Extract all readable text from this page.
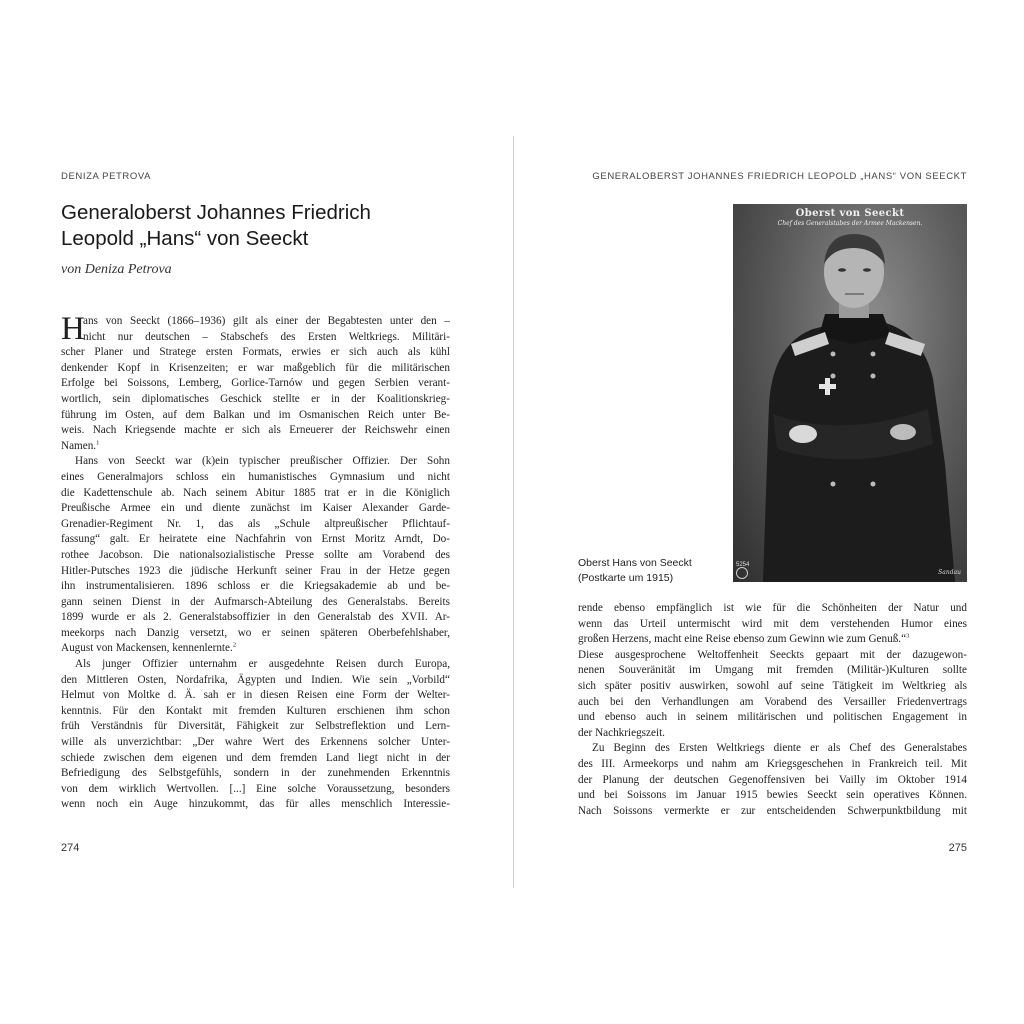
DENIZA PETROVA
Generaloberst Johannes Friedrich
Leopold „Hans“ von Seeckt
von Deniza Petrova
H
ans von Seeckt (1866–1936) gilt als einer der Begabtesten unter den –
nicht nur deutschen – Stabschefs des Ersten Weltkriegs. Militäri-
scher Planer und Stratege ersten Formats, erwies er sich auch als kühl
denkender Kopf in Krisenzeiten; er war maßgeblich für die militärischen
Erfolge bei Soissons, Lemberg, Gorlice-Tarnów und gegen Serbien verant-
wortlich, sein diplomatisches Geschick stellte er in der Koalitionskrieg-
führung im Osten, auf dem Balkan und im Osmanischen Reich unter Be-
weis. Nach Kriegsende machte er sich als Erneuerer der Reichswehr einen
Namen.$^1$
Hans von Seeckt war (k)ein typischer preußischer Offizier. Der Sohn
eines Generalmajors schloss ein humanistisches Gymnasium und nicht
die Kadettenschule ab. Nach seinem Abitur 1885 trat er in die Königlich
Preußische Armee ein und diente zunächst im Kaiser Alexander Garde-
Grenadier-Regiment Nr. 1, das als „Schule altpreußischer Pflichtauf-
fassung“ galt. Er heiratete eine Nachfahrin von Ernst Moritz Arndt, Do-
rothee Jacobson. Die nationalsozialistische Presse sollte am Vorabend des
Hitler-Putsches 1923 die jüdische Herkunft seiner Frau in der Hetze gegen
ihn instrumentalisieren. 1896 schloss er die Kriegsakademie ab und be-
gann seinen Dienst in der Aufmarsch-Abteilung des Generalstabs. Bereits
1899 wurde er als 2. Generalstabsoffizier in den Generalstab des XVII. Ar-
meekorps nach Danzig versetzt, wo er seinen späteren Oberbefehlshaber,
August von Mackensen, kennenlernte.$^2$
Als junger Offizier unternahm er ausgedehnte Reisen durch Europa,
den Mittleren Osten, Nordafrika, Ägypten und Indien. Wie sein „Vorbild“
Helmut von Moltke d. Ä. sah er in diesen Reisen eine Form der Welter-
kenntnis. Für den Kontakt mit fremden Kulturen erschienen ihm schon
früh Verständnis für Diversität, Fähigkeit zur Selbstreflektion und Lern-
wille als unverzichtbar: „Der wahre Wert des Erkennens solcher Unter-
schiede zwischen dem eigenen und dem fremden Land liegt nicht in der
Befriedigung des Selbstgefühls, sondern in der zunehmenden Erkenntnis
von dem wirklich Wertvollen. [...] Eine solche Voraussetzung, besonders
wenn noch ein Auge hinzukommt, das für alles menschlich Interessie-
274
GENERALOBERST JOHANNES FRIEDRICH LEOPOLD „HANS“ VON SEECKT
rende ebenso empfänglich ist wie für die Schönheiten der Natur und
wenn das Urteil untermischt wird mit dem verstehenden Humor eines
großen Herzens, macht eine Reise ebenso zum Gewinn wie zum Genuß.“$^3$
Diese ausgesprochene Weltoffenheit Seeckts gepaart mit der dazugewon-
nenen Souveränität im Umgang mit fremden (Militär-)Kulturen sollte
sich später positiv auswirken, sowohl auf seine Tätigkeit im Weltkrieg als
auch bei den Verhandlungen am Vorabend des Versailler Friedenvertrags
und ebenso auch in seinem militärischen und politischen Engagement in
der Nachkriegszeit.
Zu Beginn des Ersten Weltkriegs diente er als Chef des Generalstabes
des III. Armeekorps und nahm am Kriegsgeschehen in Frankreich teil. Mit
der Planung der deutschen Gegenoffensiven bei Vailly im Oktober 1914
und bei Soissons im Januar 1915 bewies Seeckt sein operatives Können.
Nach Soissons vermerkte er zur entscheidenden Schwerpunktbildung mit
275
Oberst von Seeckt
Chef des Generalstabes der Armee Mackensen.
5254
Sandau
Oberst Hans von Seeckt
(Postkarte um 1915)
